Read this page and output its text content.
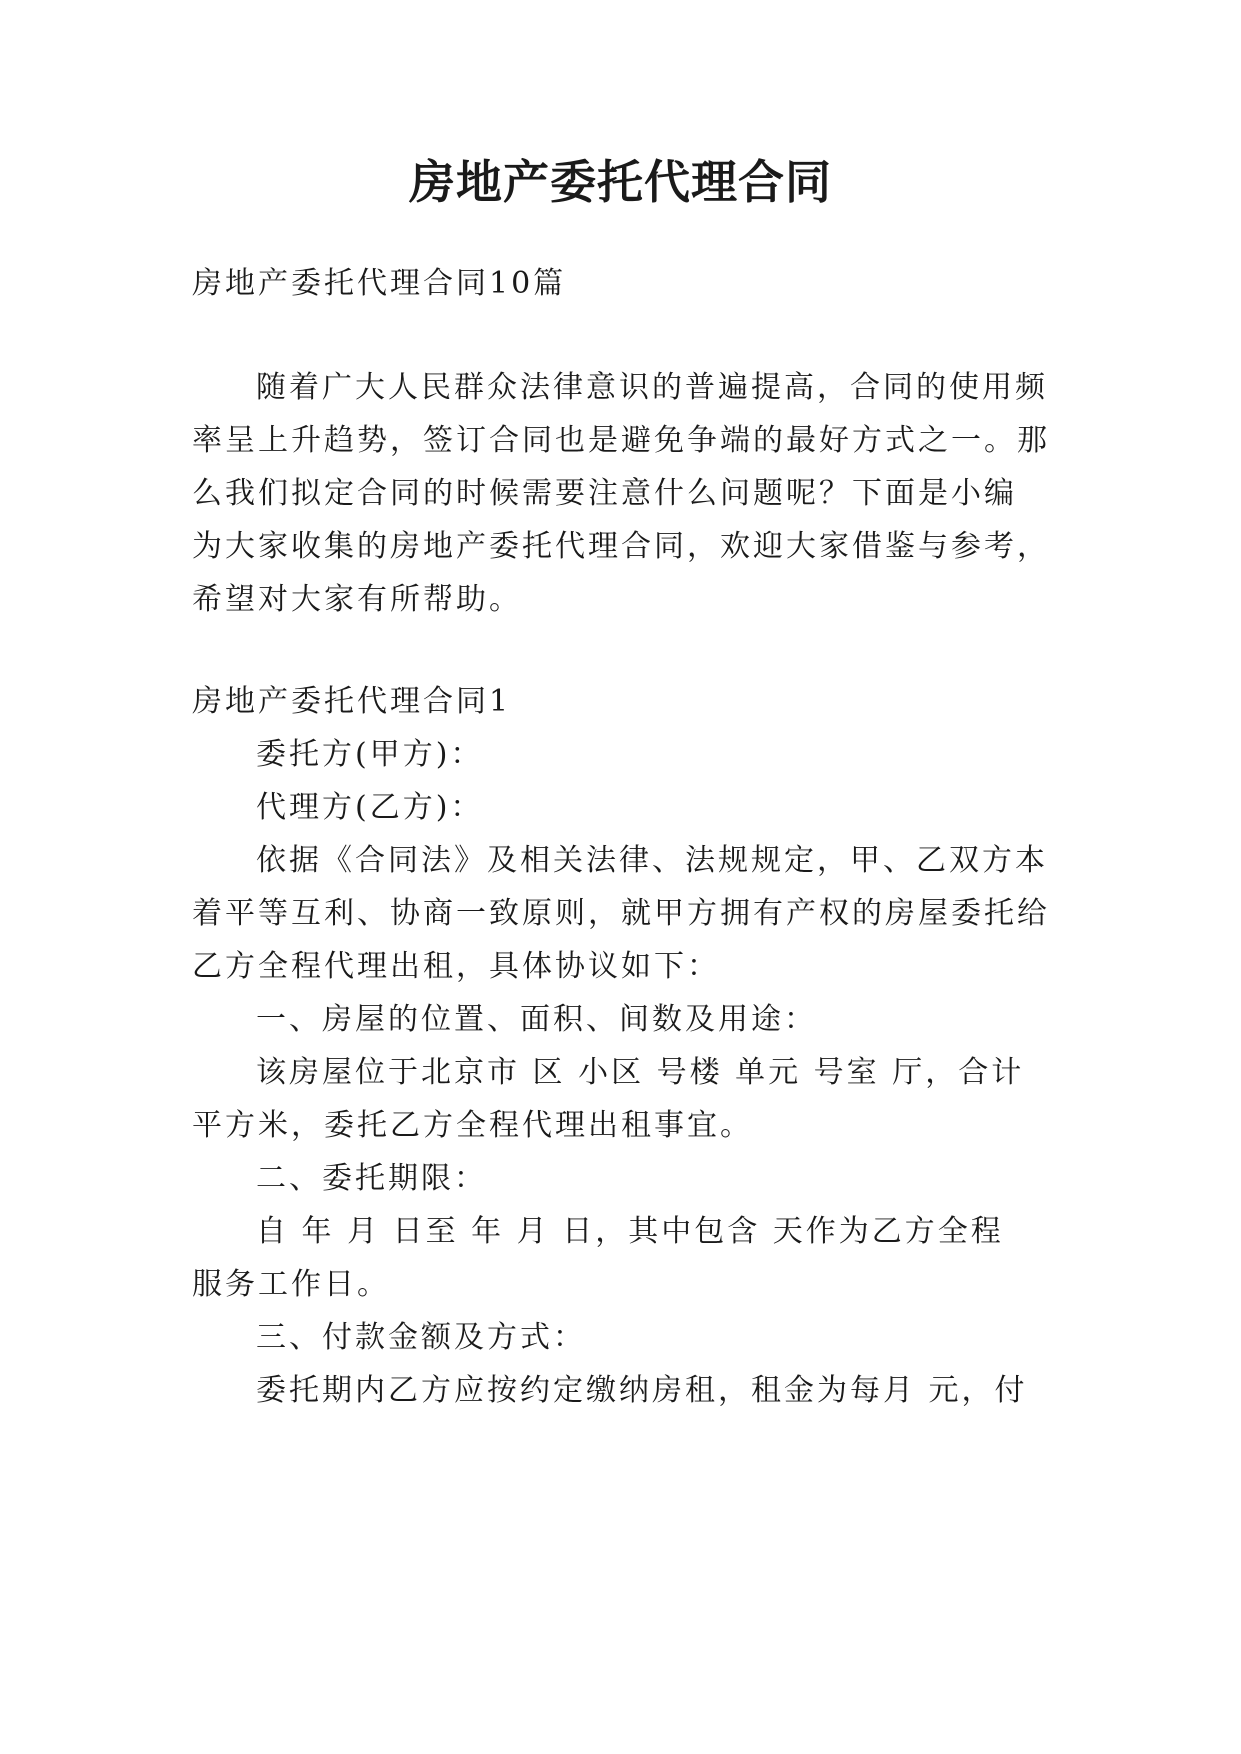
房地产委托代理合同

房地产委托代理合同10篇

随着广大人民群众法律意识的普遍提高，合同的使用频

率呈上升趋势，签订合同也是避免争端的最好方式之一。那

么我们拟定合同的时候需要注意什么问题呢？下面是小编

为大家收集的房地产委托代理合同，欢迎大家借鉴与参考，

希望对大家有所帮助。

房地产委托代理合同1

委托方(甲方)：

代理方(乙方)：

依据《合同法》及相关法律、法规规定，甲、乙双方本

着平等互利、协商一致原则，就甲方拥有产权的房屋委托给

乙方全程代理出租，具体协议如下：

一、房屋的位置、面积、间数及用途：

该房屋位于北京市 区 小区 号楼 单元 号室 厅，合计

平方米，委托乙方全程代理出租事宜。

二、委托期限：

自 年 月 日至 年 月 日，其中包含 天作为乙方全程

服务工作日。

三、付款金额及方式：

委托期内乙方应按约定缴纳房租，租金为每月 元，付
